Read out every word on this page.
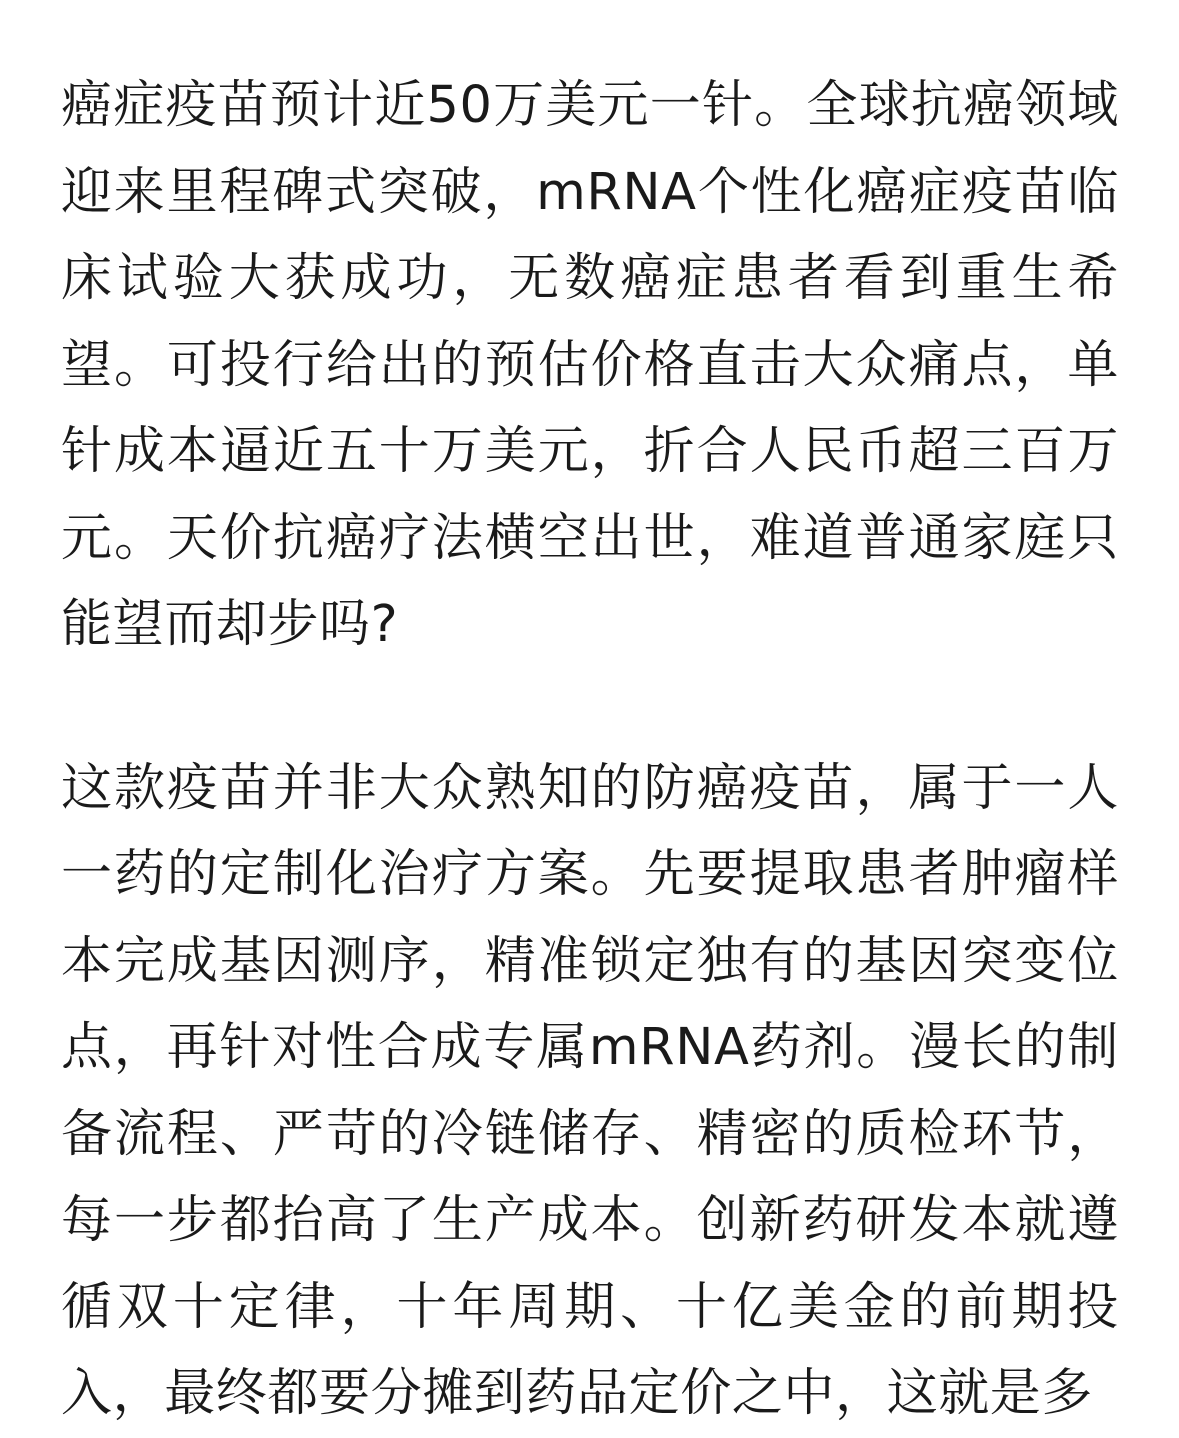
癌症疫苗预计近50万美元一针。全球抗癌领域迎来里程碑式突破，mRNA个性化癌症疫苗临床试验大获成功，无数癌症患者看到重生希望。可投行给出的预估价格直击大众痛点，单针成本逼近五十万美元，折合人民币超三百万元。天价抗癌疗法横空出世，难道普通家庭只能望而却步吗?

这款疫苗并非大众熟知的防癌疫苗，属于一人一药的定制化治疗方案。先要提取患者肿瘤样本完成基因测序，精准锁定独有的基因突变位点，再针对性合成专属mRNA药剂。漫长的制备流程、严苛的冷链储存、精密的质检环节，每一步都抬高了生产成本。创新药研发本就遵循双十定律，十年周期、十亿美金的前期投入，最终都要分摊到药品定价之中，这就是多
